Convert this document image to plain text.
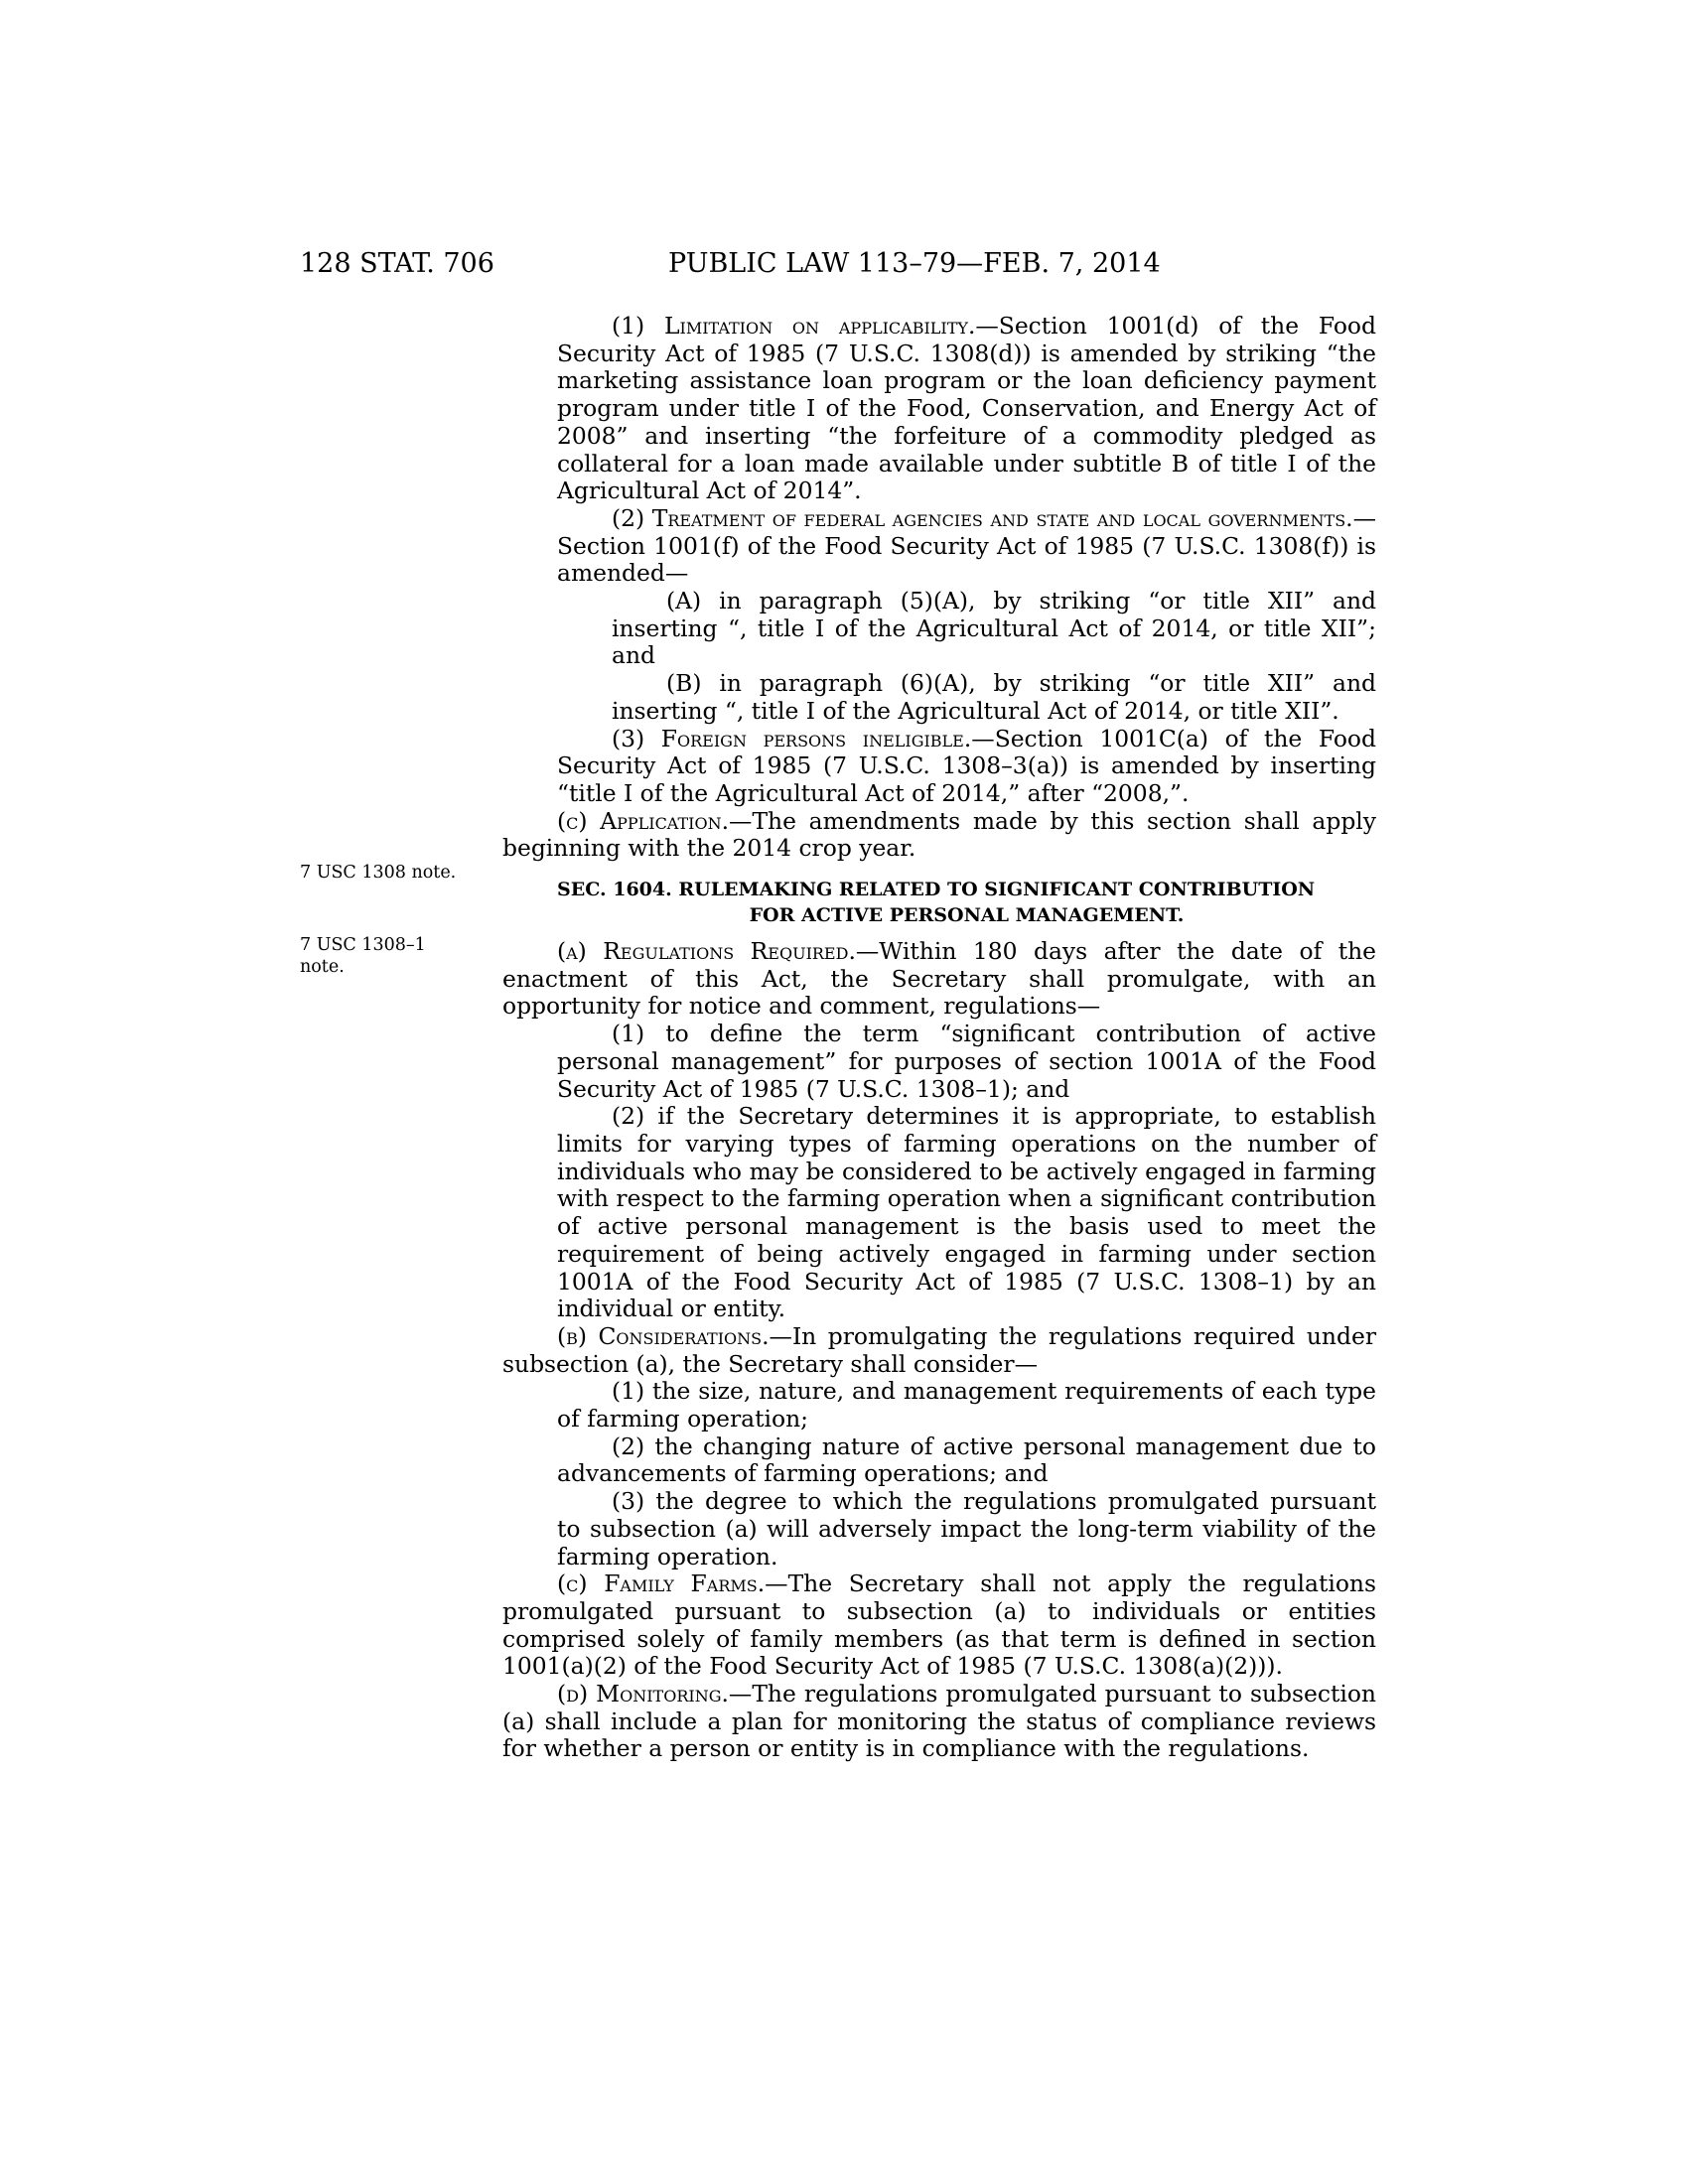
128 STAT. 706	PUBLIC LAW 113–79—FEB. 7, 2014
7 USC 1308 note.
7 USC 1308–1 note.

(1) Limitation on applicability.—Section 1001(d) of the Food Security Act of 1985 (7 U.S.C. 1308(d)) is amended by striking “the marketing assistance loan program or the loan deficiency payment program under title I of the Food, Conservation, and Energy Act of 2008” and inserting “the forfeiture of a commodity pledged as collateral for a loan made available under subtitle B of title I of the Agricultural Act of 2014”.

(2) Treatment of federal agencies and state and local governments.—Section 1001(f) of the Food Security Act of 1985 (7 U.S.C. 1308(f)) is amended—

(A) in paragraph (5)(A), by striking “or title XII” and inserting “, title I of the Agricultural Act of 2014, or title XII”; and

(B) in paragraph (6)(A), by striking “or title XII” and inserting “, title I of the Agricultural Act of 2014, or title XII”.

(3) Foreign persons ineligible.—Section 1001C(a) of the Food Security Act of 1985 (7 U.S.C. 1308–3(a)) is amended by inserting “title I of the Agricultural Act of 2014,” after “2008,”.

(c) Application.—The amendments made by this section shall apply beginning with the 2014 crop year.

SEC. 1604. RULEMAKING RELATED TO SIGNIFICANT CONTRIBUTION
FOR ACTIVE PERSONAL MANAGEMENT.

(a) Regulations Required.—Within 180 days after the date of the enactment of this Act, the Secretary shall promulgate, with an opportunity for notice and comment, regulations—

(1) to define the term “significant contribution of active personal management” for purposes of section 1001A of the Food Security Act of 1985 (7 U.S.C. 1308–1); and

(2) if the Secretary determines it is appropriate, to establish limits for varying types of farming operations on the number of individuals who may be considered to be actively engaged in farming with respect to the farming operation when a significant contribution of active personal management is the basis used to meet the requirement of being actively engaged in farming under section 1001A of the Food Security Act of 1985 (7 U.S.C. 1308–1) by an individual or entity.

(b) Considerations.—In promulgating the regulations required under subsection (a), the Secretary shall consider—

(1) the size, nature, and management requirements of each type of farming operation;

(2) the changing nature of active personal management due to advancements of farming operations; and

(3) the degree to which the regulations promulgated pursuant to subsection (a) will adversely impact the long-term viability of the farming operation.

(c) Family Farms.—The Secretary shall not apply the regulations promulgated pursuant to subsection (a) to individuals or entities comprised solely of family members (as that term is defined in section 1001(a)(2) of the Food Security Act of 1985 (7 U.S.C. 1308(a)(2))).

(d) Monitoring.—The regulations promulgated pursuant to subsection (a) shall include a plan for monitoring the status of compliance reviews for whether a person or entity is in compliance with the regulations.
